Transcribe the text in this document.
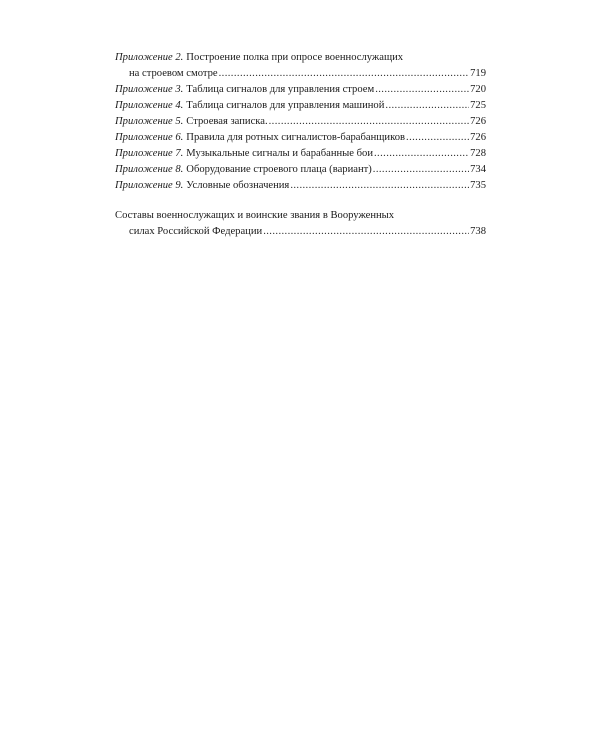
Приложение 2. Построение полка при опросе военнослужащих
на строевом смотре .....	719
Приложение 3. Таблица сигналов для управления строем .....	720
Приложение 4. Таблица сигналов для управления машиной .....	725
Приложение 5. Строевая записка. .....	726
Приложение 6. Правила для ротных сигналистов-барабанщиков .....	726
Приложение 7. Музыкальные сигналы и барабанные бои .....	728
Приложение 8. Оборудование строевого плаца (вариант) .....	734
Приложение 9. Условные обозначения .....	735
Составы военнослужащих и воинские звания в Вооруженных
силах Российской Федерации .....	738
